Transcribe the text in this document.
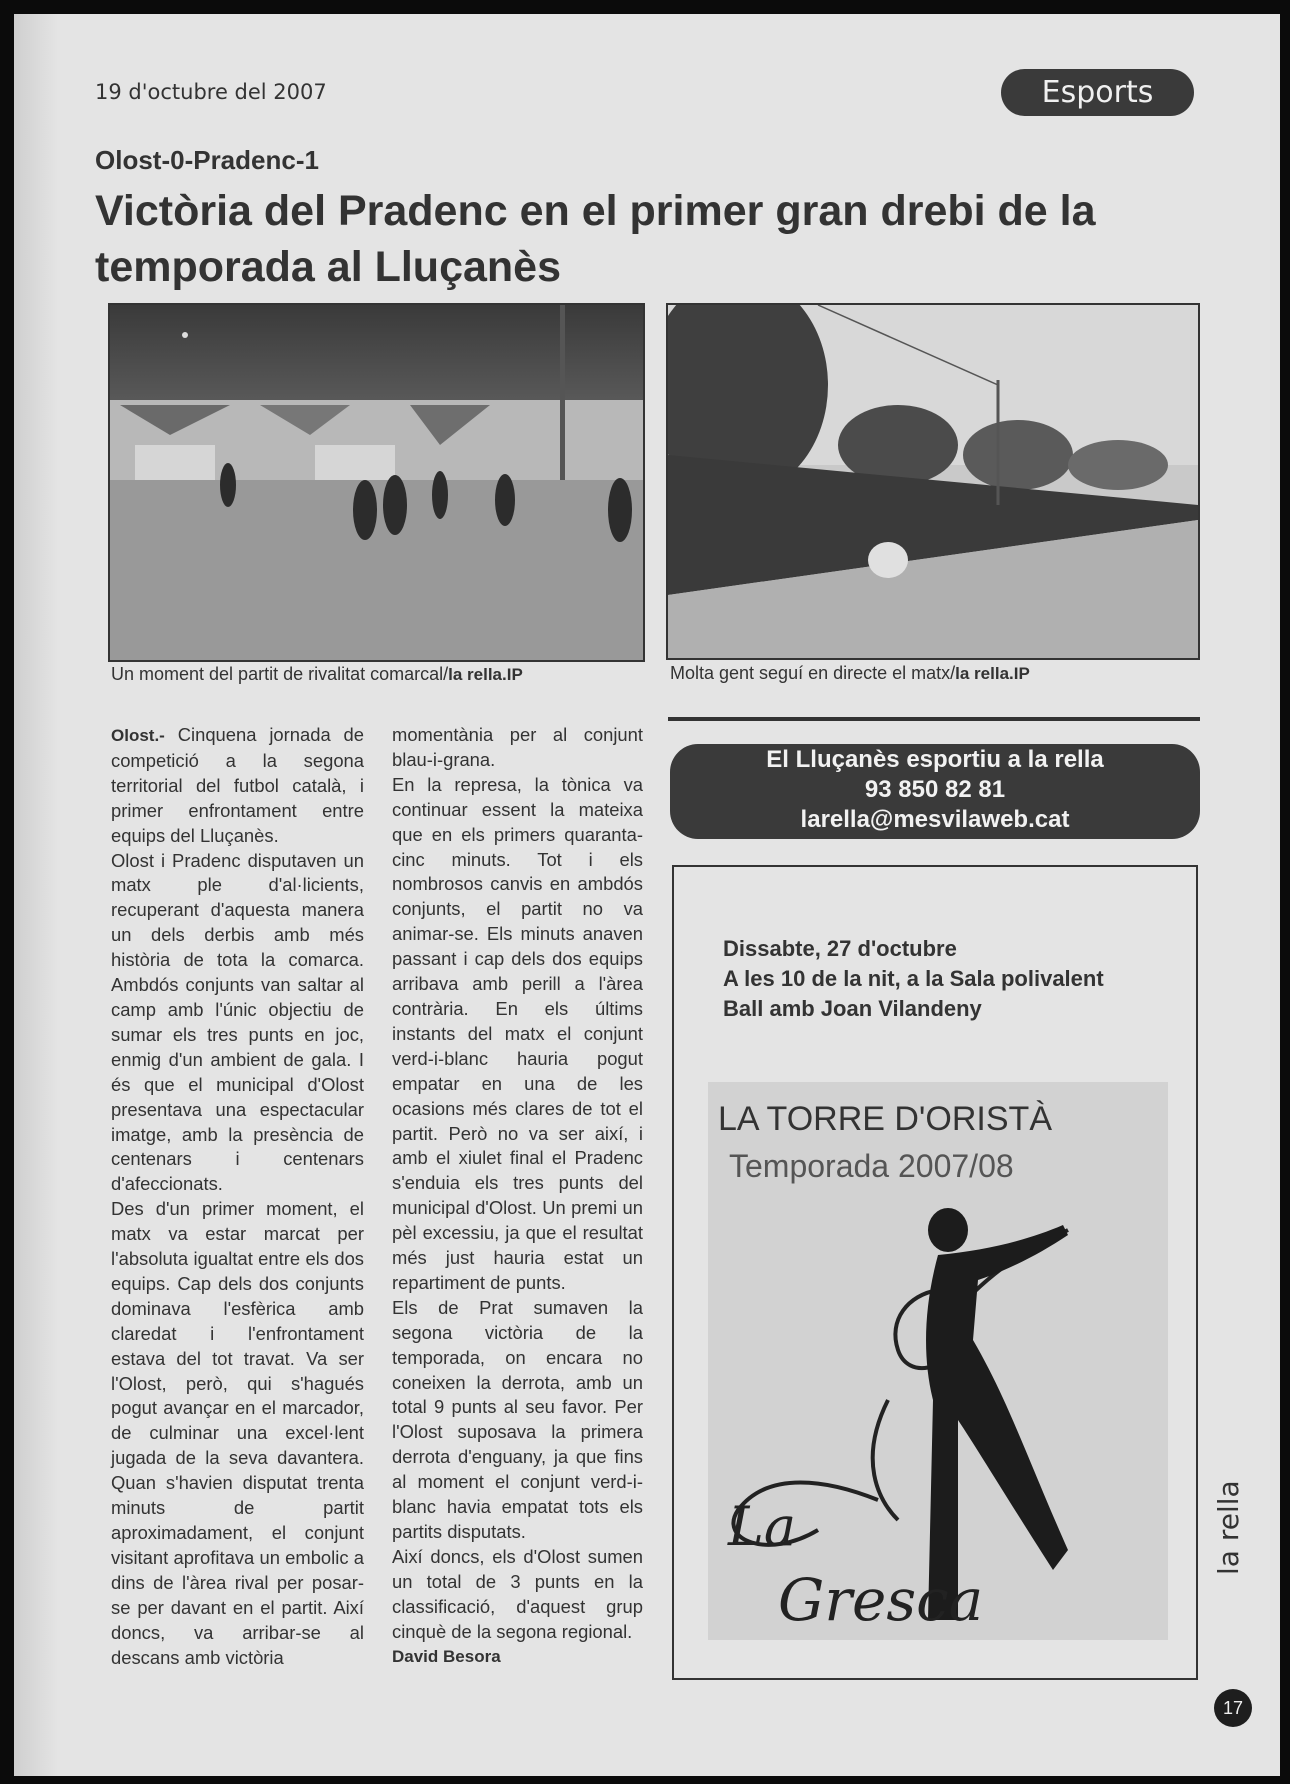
19 d'octubre del 2007	Esports
Olost-0-Pradenc-1
Victòria del Pradenc en el primer gran drebi de la temporada al Lluçanès
Un moment del partit de rivalitat comarcal/la rella.IP	Molta gent seguí en directe el matx/la rella.IP

Olost.- Cinquena jornada de competició a la segona territorial del futbol català, i primer enfrontament entre equips del Lluçanès.

Olost i Pradenc disputaven un matx ple d'al·licients, recuperant d'aquesta manera un dels derbis amb més història de tota la comarca. Ambdós conjunts van saltar al camp amb l'únic objectiu de sumar els tres punts en joc, enmig d'un ambient de gala. I és que el municipal d'Olost presentava una espectacular imatge, amb la presència de centenars i centenars d'afeccionats.

Des d'un primer moment, el matx va estar marcat per l'absoluta igualtat entre els dos equips. Cap dels dos conjunts dominava l'esfèrica amb claredat i l'enfrontament estava del tot travat. Va ser l'Olost, però, qui s'hagués pogut avançar en el marcador, de culminar una excel·lent jugada de la seva davantera. Quan s'havien disputat trenta minuts de partit aproximadament, el conjunt visitant aprofitava un embolic a dins de l'àrea rival per posar-se per davant en el partit. Així doncs, va arribar-se al descans amb victòria

momentània per al conjunt blau-i-grana.

En la represa, la tònica va continuar essent la mateixa que en els primers quaranta-cinc minuts. Tot i els nombrosos canvis en ambdós conjunts, el partit no va animar-se. Els minuts anaven passant i cap dels dos equips arribava amb perill a l'àrea contrària. En els últims instants del matx el conjunt verd-i-blanc hauria pogut empatar en una de les ocasions més clares de tot el partit. Però no va ser així, i amb el xiulet final el Pradenc s'enduia els tres punts del municipal d'Olost. Un premi un pèl excessiu, ja que el resultat més just hauria estat un repartiment de punts.

Els de Prat sumaven la segona victòria de la temporada, on encara no coneixen la derrota, amb un total 9 punts al seu favor. Per l'Olost suposava la primera derrota d'enguany, ja que fins al moment el conjunt verd-i-blanc havia empatat tots els partits disputats.

Així doncs, els d'Olost sumen un total de 3 punts en la classificació, d'aquest grup cinquè de la segona regional.

David Besora

El Lluçanès esportiu a la rella
93 850 82 81
larella@mesvilaweb.cat
Dissabte, 27 d'octubre
A les 10 de la nit, a la Sala polivalent
Ball amb Joan Vilandeny
LA TORRE D'ORISTÀ
Temporada 2007/08
La
Gresca
la rella
17
